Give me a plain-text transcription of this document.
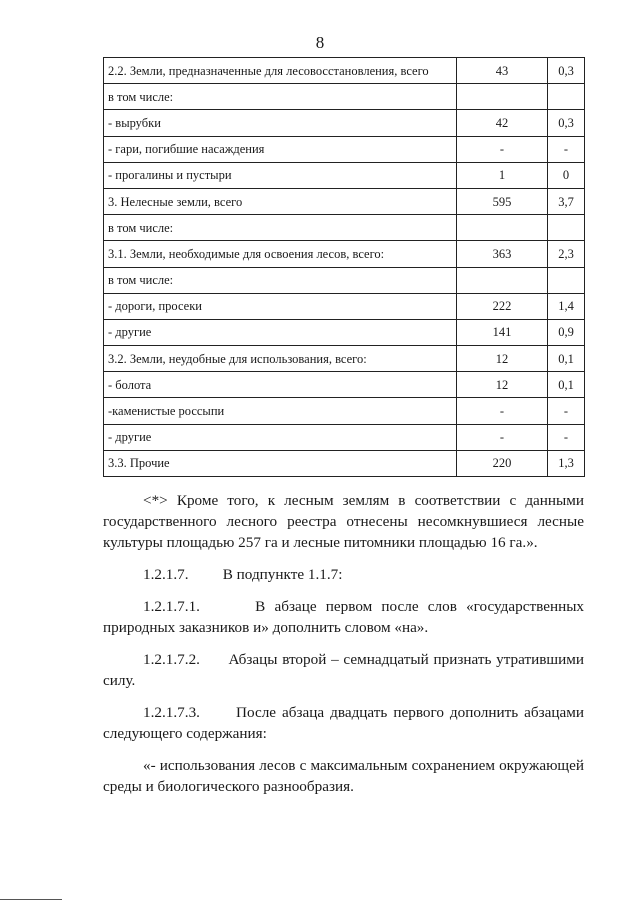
8
2.2. Земли, предназначенные для лесовосстановления, всего	43	0,3
в том числе:		
- вырубки	42	0,3
- гари, погибшие насаждения	-	-
- прогалины и пустыри	1	0
3. Нелесные земли, всего	595	3,7
в том числе:		
3.1. Земли, необходимые для освоения лесов, всего:	363	2,3
в том числе:		
- дороги, просеки	222	1,4
- другие	141	0,9
3.2. Земли, неудобные для использования, всего:	12	0,1
- болота	12	0,1
-каменистые россыпи	-	-
- другие	-	-
3.3. Прочие	220	1,3

<*> Кроме того, к лесным землям в соответствии с данными государственного лесного реестра отнесены несомкнувшиеся лесные культуры площадью 257 га и лесные питомники площадью 16 га.».

1.2.1.7. В подпункте 1.1.7:

1.2.1.7.1.	В абзаце первом после слов «государственных природных заказников и» дополнить словом «на».

1.2.1.7.2. Абзацы второй – семнадцатый признать утратившими силу.

1.2.1.7.3. После абзаца двадцать первого дополнить абзацами следующего содержания:

«- использования лесов с максимальным сохранением окружающей среды и биологического разнообразия.
